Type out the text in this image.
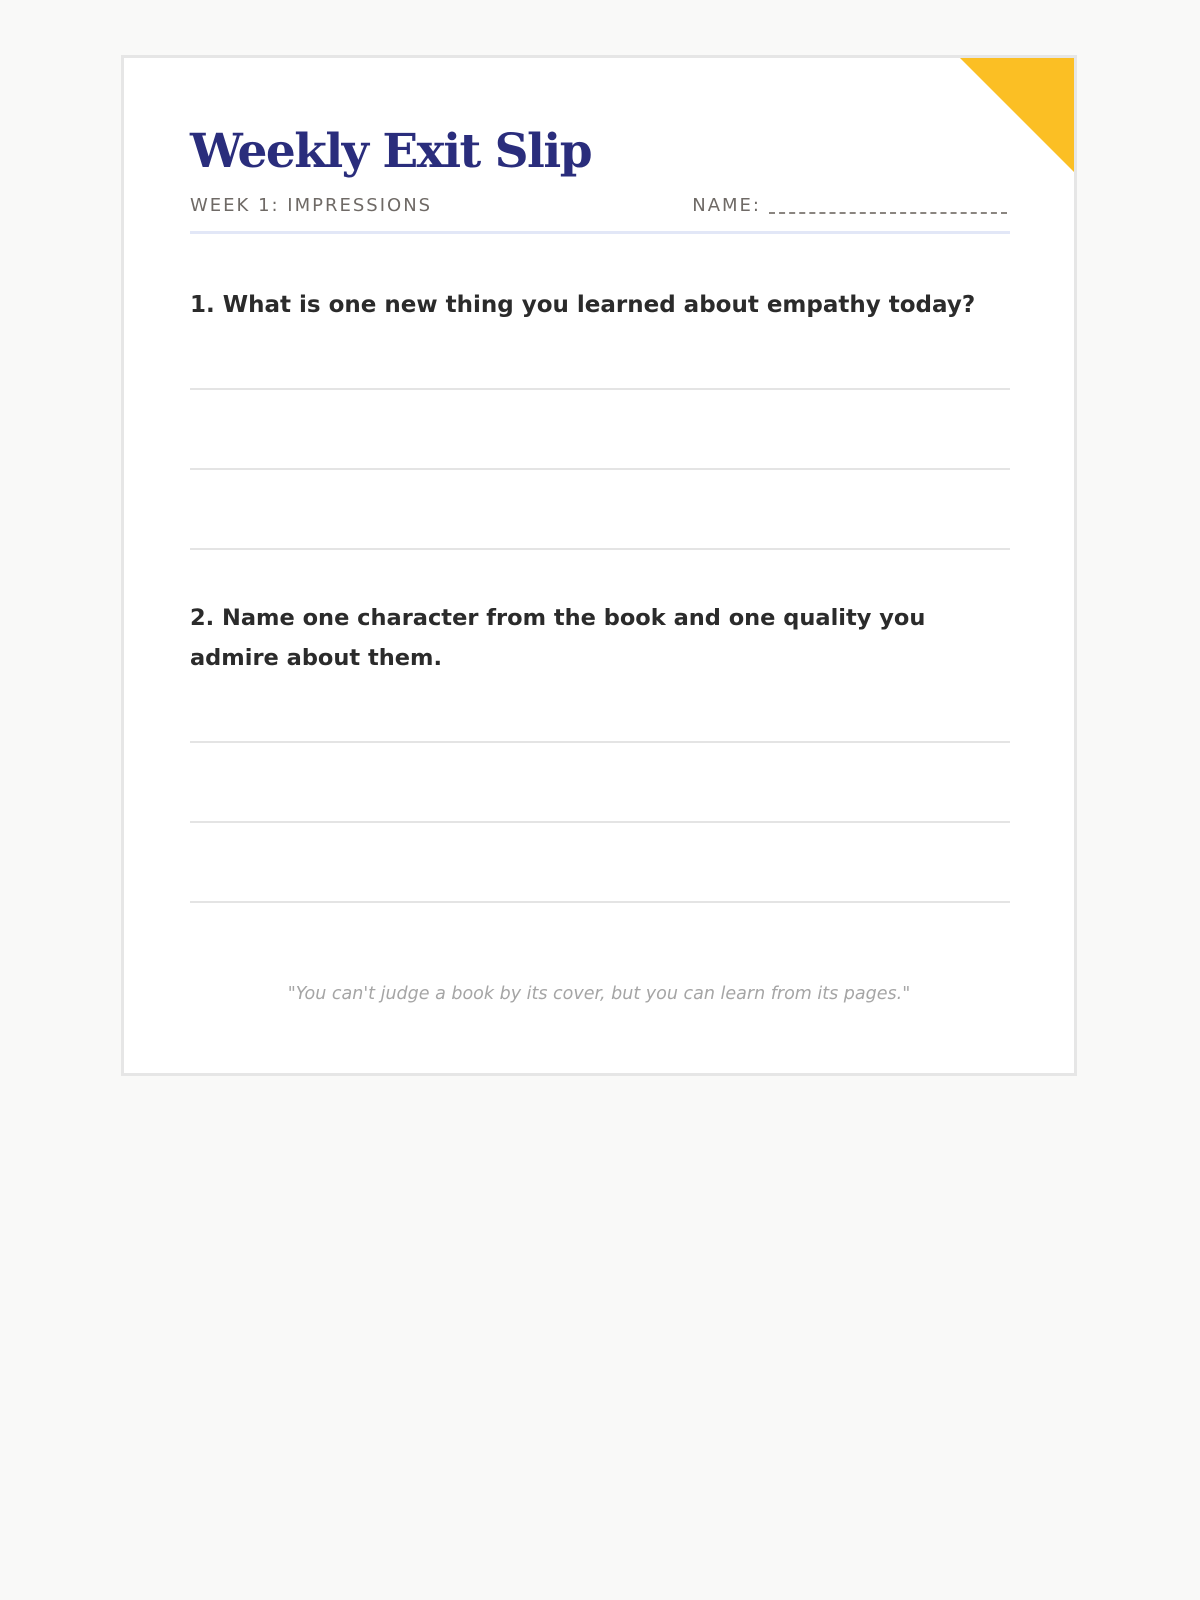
Weekly Exit Slip
WEEK 1: IMPRESSIONS	NAME:

1. What is one new thing you learned about empathy today?

2. Name one character from the book and one quality you admire about them.

"You can't judge a book by its cover, but you can learn from its pages."
